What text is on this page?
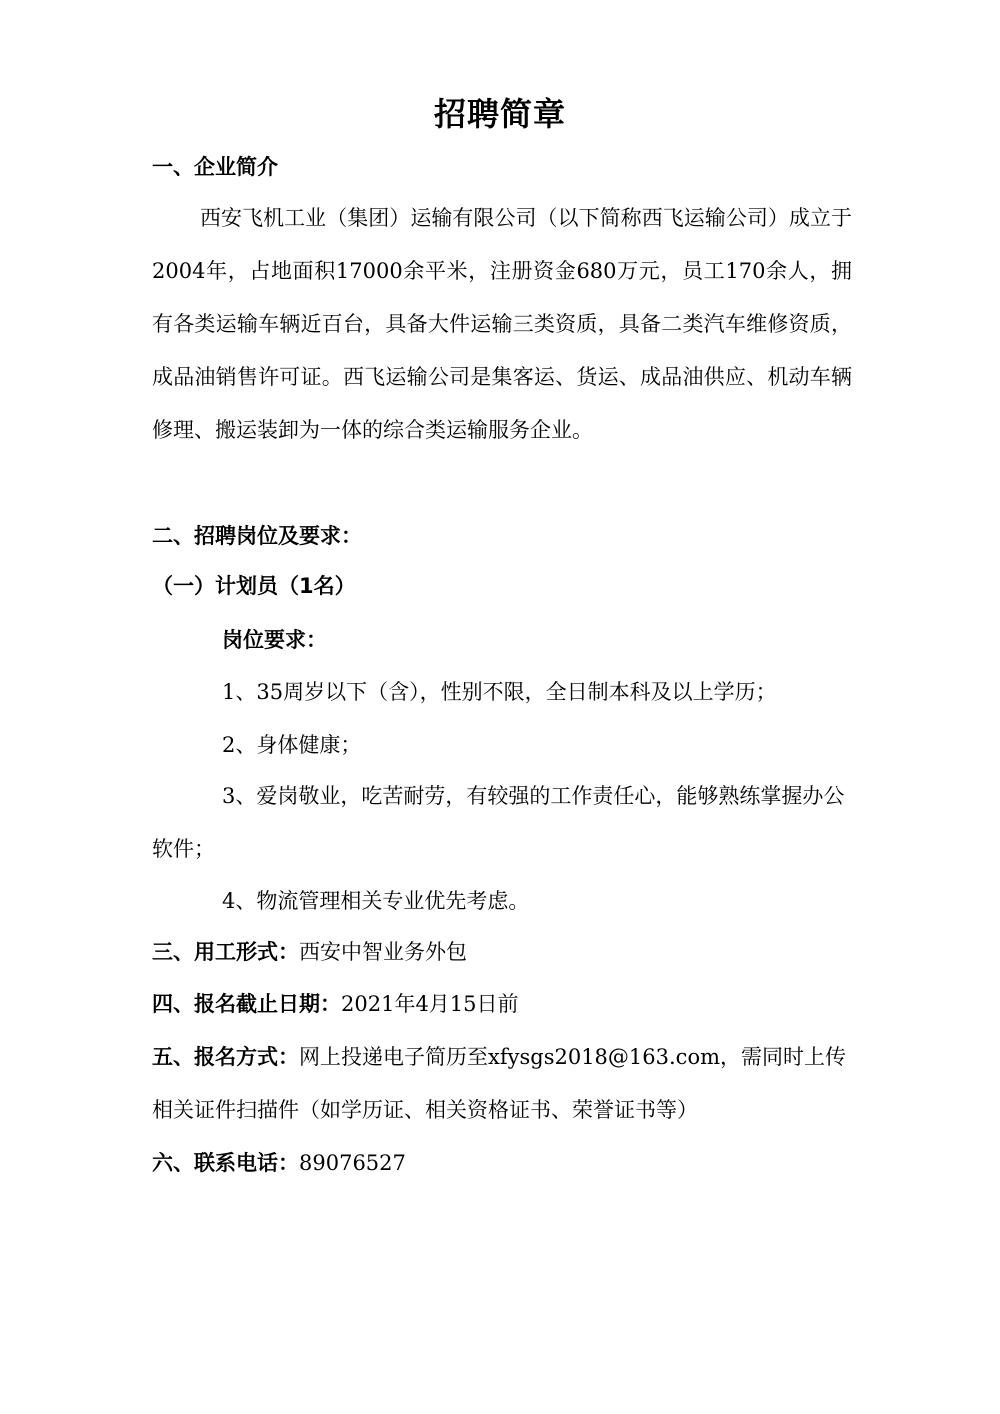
招聘简章
一、企业简介
西安飞机工业（集团）运输有限公司（以下简称西飞运输公司）成立于2004年，占地面积17000余平米，注册资金680万元，员工170余人，拥有各类运输车辆近百台，具备大件运输三类资质，具备二类汽车维修资质，成品油销售许可证。西飞运输公司是集客运、货运、成品油供应、机动车辆修理、搬运装卸为一体的综合类运输服务企业。
二、招聘岗位及要求：
（一）计划员（1名）
岗位要求：
1、35周岁以下（含），性别不限，全日制本科及以上学历；
2、身体健康；
3、爱岗敬业，吃苦耐劳，有较强的工作责任心，能够熟练掌握办公软件；
4、物流管理相关专业优先考虑。
三、用工形式：西安中智业务外包
四、报名截止日期：2021年4月15日前
五、报名方式：网上投递电子简历至xfysgs2018@163.com，需同时上传相关证件扫描件（如学历证、相关资格证书、荣誉证书等）
六、联系电话：89076527
